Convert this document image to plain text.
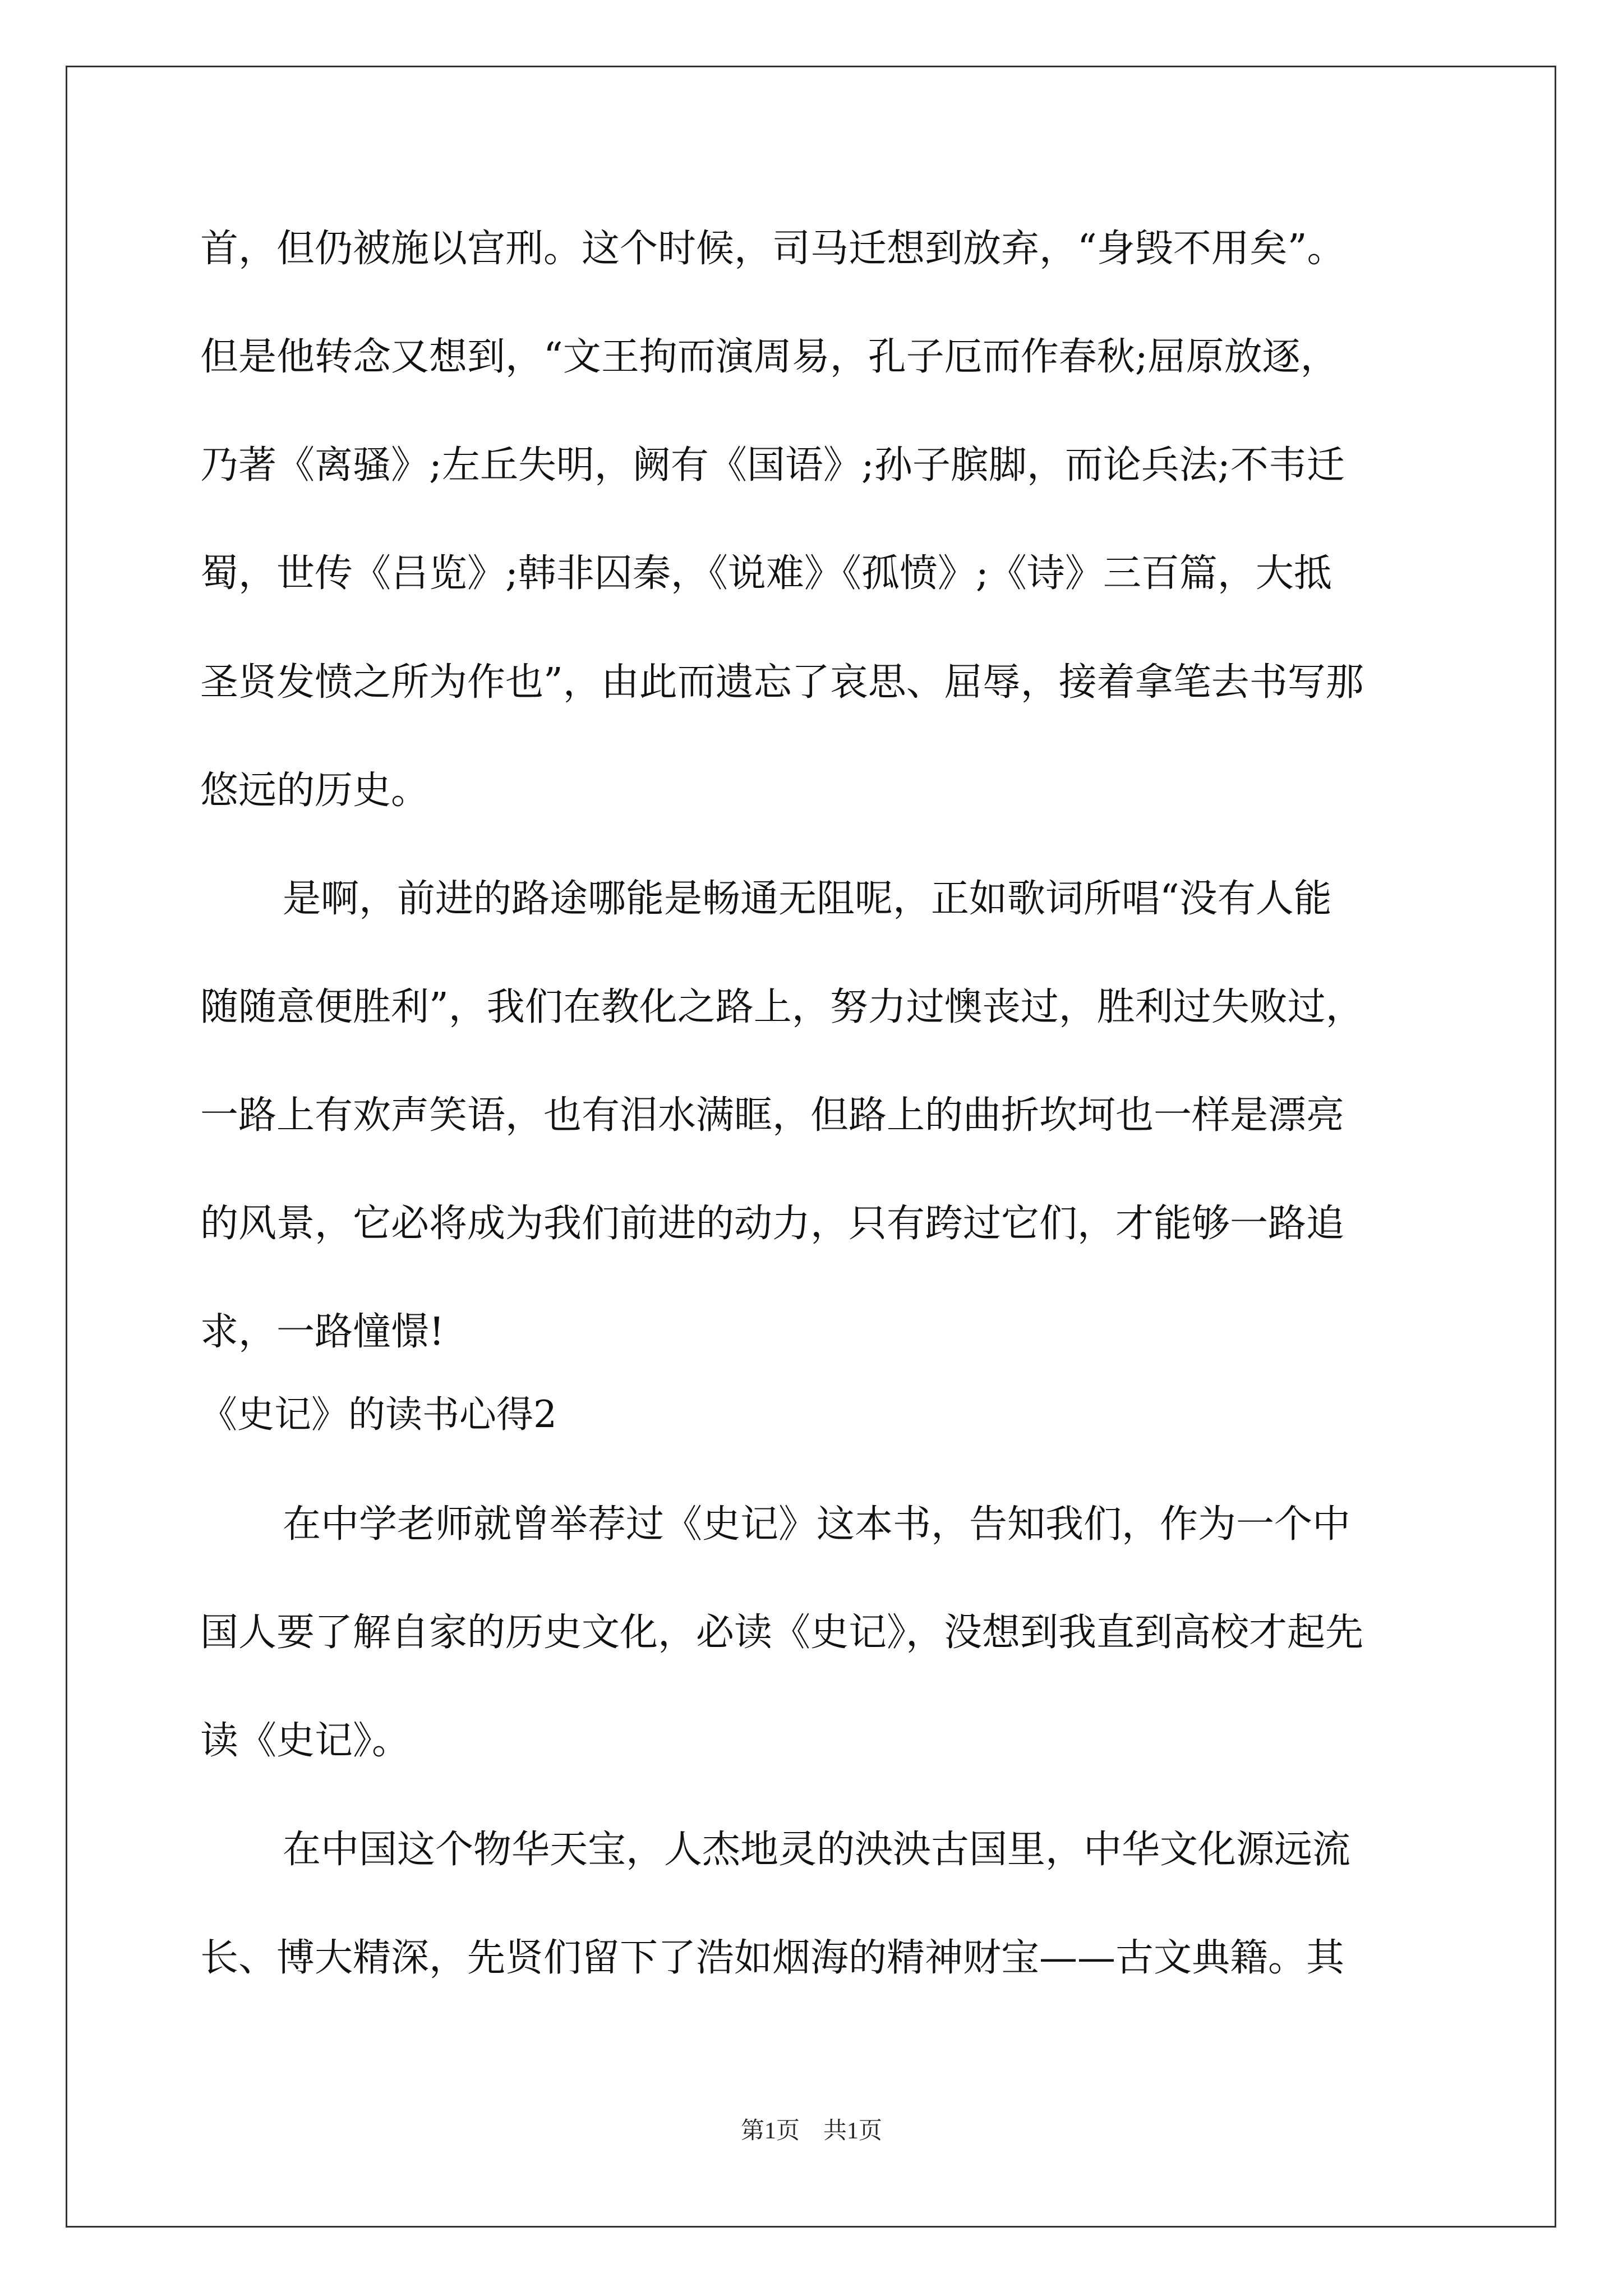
首，但仍被施以宫刑。这个时候，司马迁想到放弃，“身毁不用矣”。

但是他转念又想到，“文王拘而演周易，孔子厄而作春秋;屈原放逐，

乃著《离骚》;左丘失明，阙有《国语》;孙子膑脚，而论兵法;不韦迁

蜀，世传《吕览》;韩非囚秦，《说难》《孤愤》;《诗》三百篇，大抵

圣贤发愤之所为作也”，由此而遗忘了哀思、屈辱，接着拿笔去书写那

悠远的历史。

是啊，前进的路途哪能是畅通无阻呢，正如歌词所唱“没有人能

随随意便胜利”，我们在教化之路上，努力过懊丧过，胜利过失败过，

一路上有欢声笑语，也有泪水满眶，但路上的曲折坎坷也一样是漂亮

的风景，它必将成为我们前进的动力，只有跨过它们，才能够一路追

求，一路憧憬!

《史记》的读书心得2

在中学老师就曾举荐过《史记》这本书，告知我们，作为一个中

国人要了解自家的历史文化，必读《史记》，没想到我直到高校才起先

读《史记》。

在中国这个物华天宝，人杰地灵的泱泱古国里，中华文化源远流

长、博大精深，先贤们留下了浩如烟海的精神财宝——古文典籍。其

第1页　共1页
